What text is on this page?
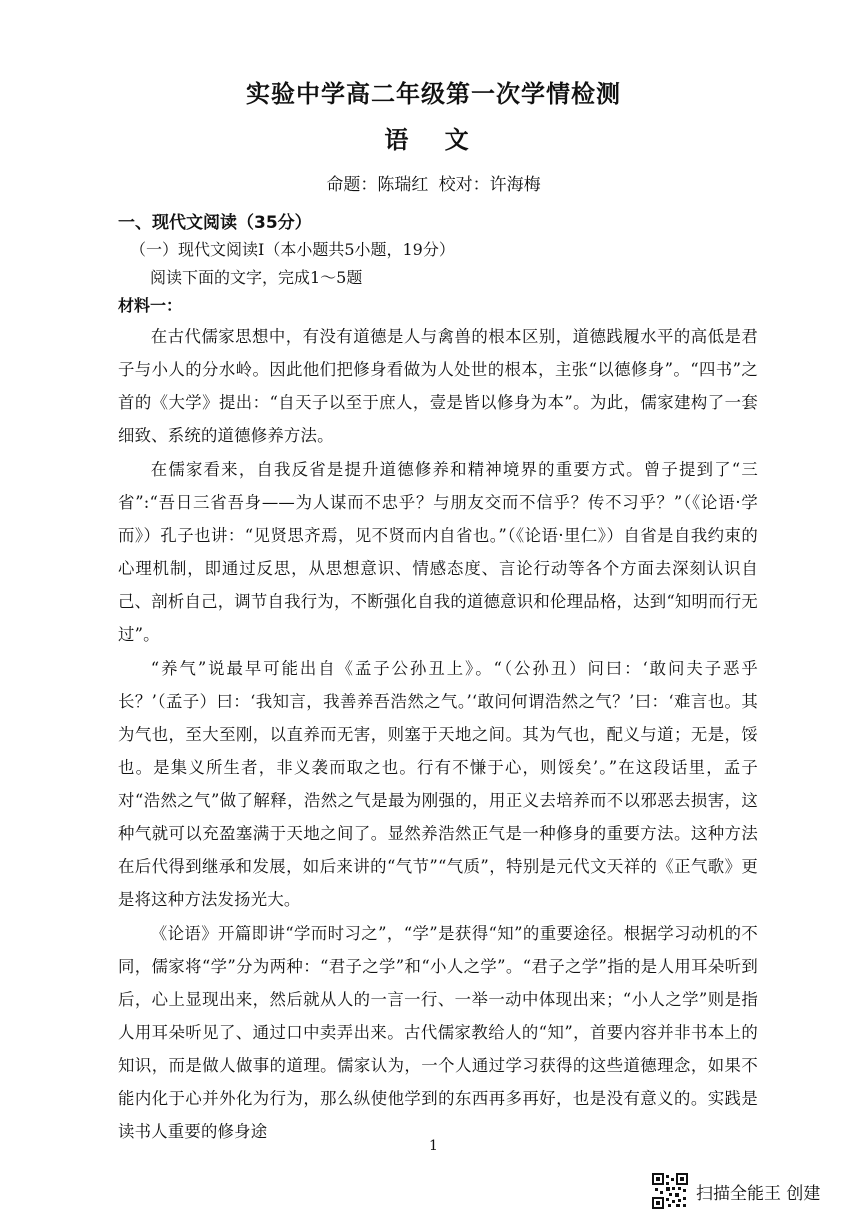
实验中学高二年级第一次学情检测
语 文
命题：陈瑞红 校对：许海梅
一、现代文阅读（35分）
（一）现代文阅读Ⅰ（本小题共5小题，19分）
阅读下面的文字，完成1～5题
材料一：

在古代儒家思想中，有没有道德是人与禽兽的根本区别，道德践履水平的高低是君子与小人的分水岭。因此他们把修身看做为人处世的根本，主张“以德修身”。“四书”之首的《大学》提出：“自天子以至于庶人，壹是皆以修身为本”。为此，儒家建构了一套细致、系统的道德修养方法。

在儒家看来，自我反省是提升道德修养和精神境界的重要方式。曾子提到了“三省”:“吾日三省吾身——为人谋而不忠乎？与朋友交而不信乎？传不习乎？”（《论语·学而》）孔子也讲：“见贤思齐焉，见不贤而内自省也。”（《论语·里仁》）自省是自我约束的心理机制，即通过反思，从思想意识、情感态度、言论行动等各个方面去深刻认识自己、剖析自己，调节自我行为，不断强化自我的道德意识和伦理品格，达到“知明而行无过”。

“养气”说最早可能出自《孟子公孙丑上》。“（公孙丑）问曰：‘敢问夫子恶乎长？’（孟子）曰：‘我知言，我善养吾浩然之气。’‘敢问何谓浩然之气？’曰：‘难言也。其为气也，至大至刚，以直养而无害，则塞于天地之间。其为气也，配义与道；无是，馁也。是集义所生者，非义袭而取之也。行有不慊于心，则馁矣’。”在这段话里，孟子对“浩然之气”做了解释，浩然之气是最为刚强的，用正义去培养而不以邪恶去损害，这种气就可以充盈塞满于天地之间了。显然养浩然正气是一种修身的重要方法。这种方法在后代得到继承和发展，如后来讲的“气节”“气质”，特别是元代文天祥的《正气歌》更是将这种方法发扬光大。

《论语》开篇即讲“学而时习之”，“学”是获得“知”的重要途径。根据学习动机的不同，儒家将“学”分为两种：“君子之学”和“小人之学”。“君子之学”指的是人用耳朵听到后，心上显现出来，然后就从人的一言一行、一举一动中体现出来；“小人之学”则是指人用耳朵听见了、通过口中卖弄出来。古代儒家教给人的“知”，首要内容并非书本上的知识，而是做人做事的道理。儒家认为，一个人通过学习获得的这些道德理念，如果不能内化于心并外化为行为，那么纵使他学到的东西再多再好，也是没有意义的。实践是读书人重要的修身途

1
扫描全能王 创建
